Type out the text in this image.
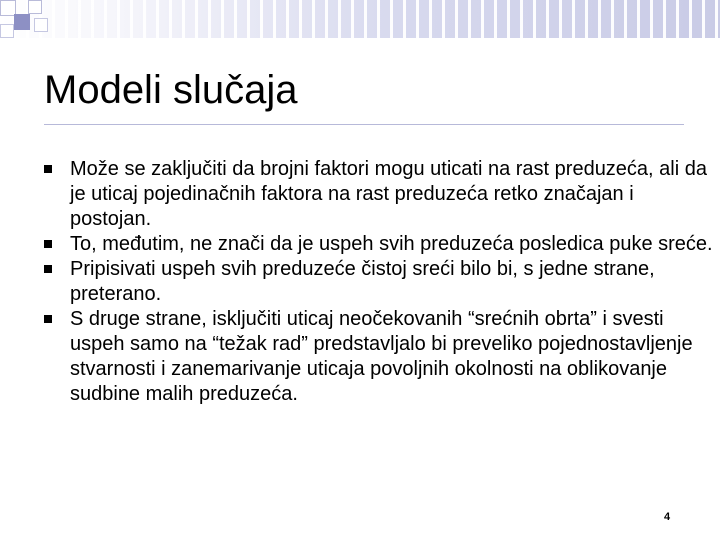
Modeli slučaja
Može se zaključiti da brojni faktori mogu uticati na rast preduzeća, ali da je uticaj pojedinačnih faktora na rast preduzeća retko značajan i postojan.
To, međutim, ne znači da je uspeh svih preduzeća posledica puke sreće.
Pripisivati uspeh svih preduzeće čistoj sreći bilo bi, s jedne strane, preterano.
S druge strane, isključiti uticaj neočekovanih “srećnih obrta” i svesti uspeh samo na “težak rad” predstavljalo bi preveliko pojednostavljenje stvarnosti i zanemarivanje uticaja povoljnih okolnosti na oblikovanje sudbine malih preduzeća.
4
